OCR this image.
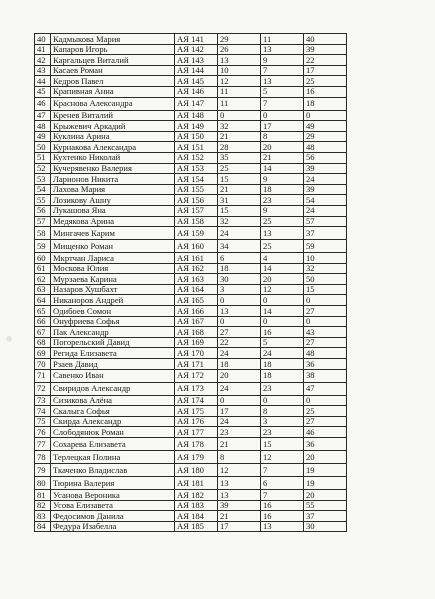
40	Кадмыкова Мария	АЯ 141	29	11	40
41	Капаров Игорь	АЯ 142	26	13	39
42	Каргальцев Виталий	АЯ 143	13	9	22
43	Касаев Роман	АЯ 144	10	7	17
44	Кедров Павел	АЯ 145	12	13	25
45	Крапивная Анна	АЯ 146	11	5	16
46	Краснова Александра	АЯ 147	11	7	18
47	Кренев Виталий	АЯ 148	0	0	0
48	Крыжевич Аркадий	АЯ 149	32	17	49
49	Куклина Арина	АЯ 150	21	8	29
50	Курнакова Александра	АЯ 151	28	20	48
51	Кухтенко Николай	АЯ 152	35	21	56
52	Кучерявенко Валерия	АЯ 153	25	14	39
53	Ларионов Никита	АЯ 154	15	9	24
54	Лахова Мария	АЯ 155	21	18	39
55	Лозикову Ашну	АЯ 156	31	23	54
56	Лукашова Яна	АЯ 157	15	9	24
57	Медякова Арина	АЯ 158	32	25	57
58	Мингачев Карим	АЯ 159	24	13	37
59	Мищенко Роман	АЯ 160	34	25	59
60	Мкртчан Лариса	АЯ 161	6	4	10
61	Москова Юлия	АЯ 162	18	14	32
62	Мурзаева Карина	АЯ 163	30	20	50
63	Назаров Хушбахт	АЯ 164	3	12	15
64	Никаноров Андрей	АЯ 165	0	0	0
65	Одибоев Сомон	АЯ 166	13	14	27
66	Онуфриева Софья	АЯ 167	0	0	0
67	Пак Александр	АЯ 168	27	16	43
68	Погорельский Давид	АЯ 169	22	5	27
69	Регида Елизавета	АЯ 170	24	24	48
70	Рзаев Давид	АЯ 171	18	18	36
71	Савенко Иван	АЯ 172	20	18	38
72	Свиридов Александр	АЯ 173	24	23	47
73	Сизикова Алёна	АЯ 174	0	0	0
74	Скалыга Софья	АЯ 175	17	8	25
75	Скирда Александр	АЯ 176	24	3	27
76	Слободянюк Роман	АЯ 177	23	23	46
77	Сохарева Елизавета	АЯ 178	21	15	36
78	Терлецкая Полина	АЯ 179	8	12	20
79	Ткаченко Владислав	АЯ 180	12	7	19
80	Тюрина Валерия	АЯ 181	13	6	19
81	Усанова Вероника	АЯ 182	13	7	20
82	Усова Елизавета	АЯ 183	39	16	55
83	Федосимов Данила	АЯ 184	21	16	37
84	Федура Изабелла	АЯ 185	17	13	30
